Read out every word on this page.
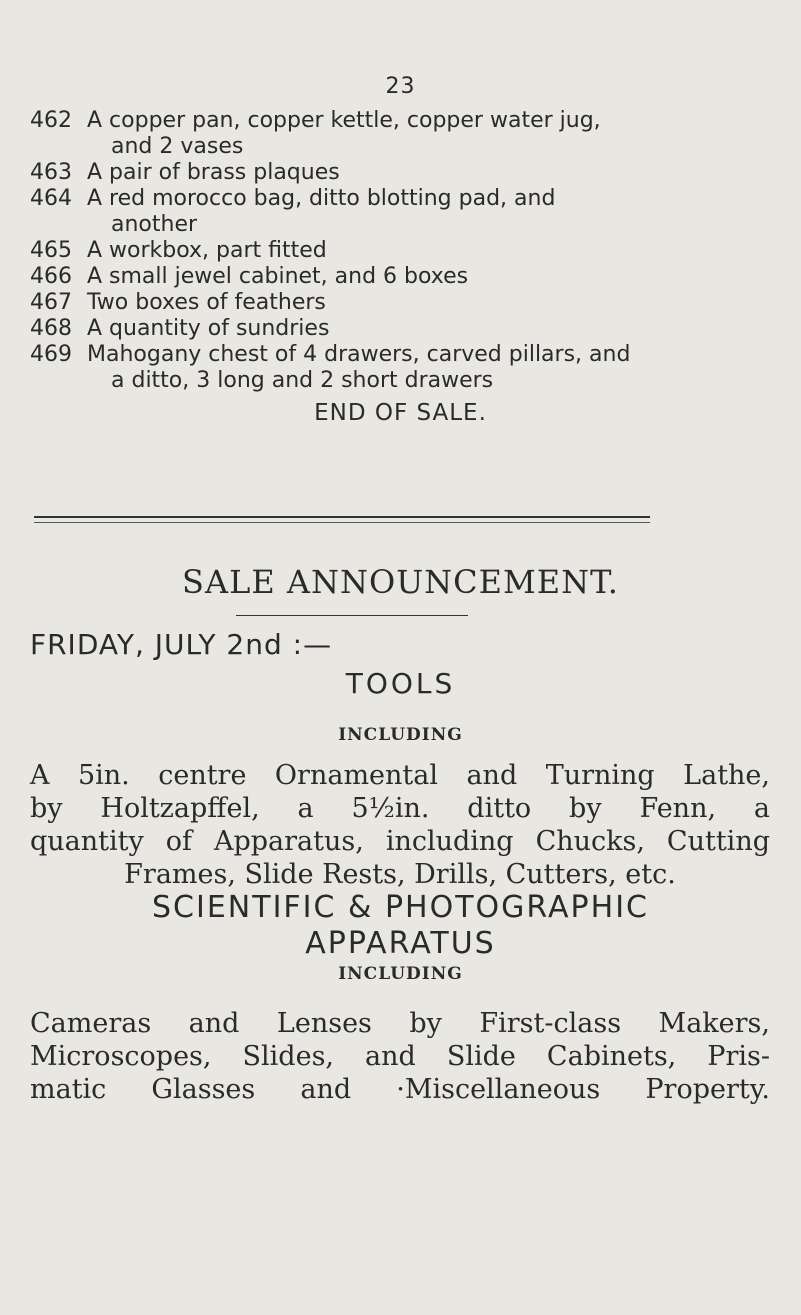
23
462 A copper pan, copper kettle, copper water jug,
and 2 vases
463 A pair of brass plaques
464 A red morocco bag, ditto blotting pad, and
another
465 A workbox, part fitted
466 A small jewel cabinet, and 6 boxes
467 Two boxes of feathers
468 A quantity of sundries
469 Mahogany chest of 4 drawers, carved pillars, and
a ditto, 3 long and 2 short drawers
END OF SALE.
SALE ANNOUNCEMENT.
FRIDAY, JULY 2nd :—
TOOLS
INCLUDING
A 5in. centre Ornamental and Turning Lathe,
by Holtzapffel, a 5½in. ditto by Fenn, a
quantity of Apparatus, including Chucks, Cutting
Frames, Slide Rests, Drills, Cutters, etc.
SCIENTIFIC & PHOTOGRAPHIC
APPARATUS
INCLUDING
Cameras and Lenses by First-class Makers,
Microscopes, Slides, and Slide Cabinets, Pris-
matic Glasses and ·Miscellaneous Property.
